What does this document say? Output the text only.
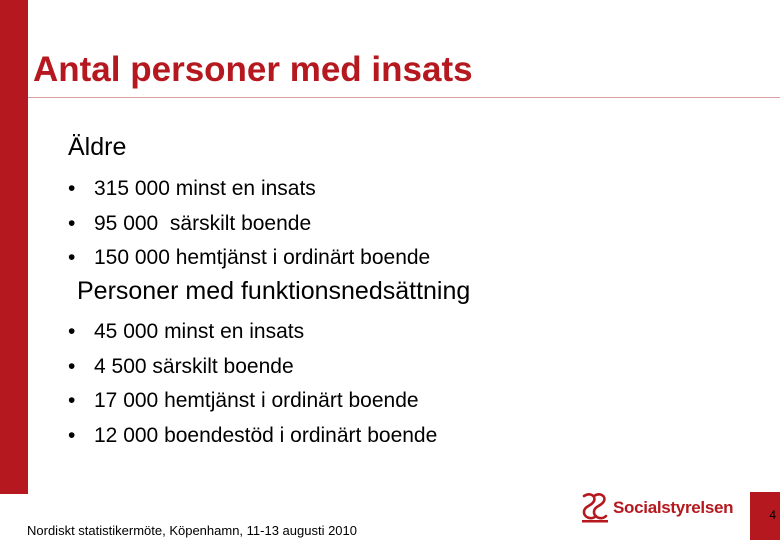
Antal personer med insats
Äldre
• 315 000 minst en insats
• 95 000  särskilt boende
• 150 000 hemtjänst i ordinärt boende
Personer med funktionsnedsättning
• 45 000 minst en insats
• 4 500 särskilt boende
• 17 000 hemtjänst i ordinärt boende
• 12 000 boendestöd i ordinärt boende
Nordiskt statistikermöte, Köpenhamn, 11-13 augusti 2010
Socialstyrelsen	4
